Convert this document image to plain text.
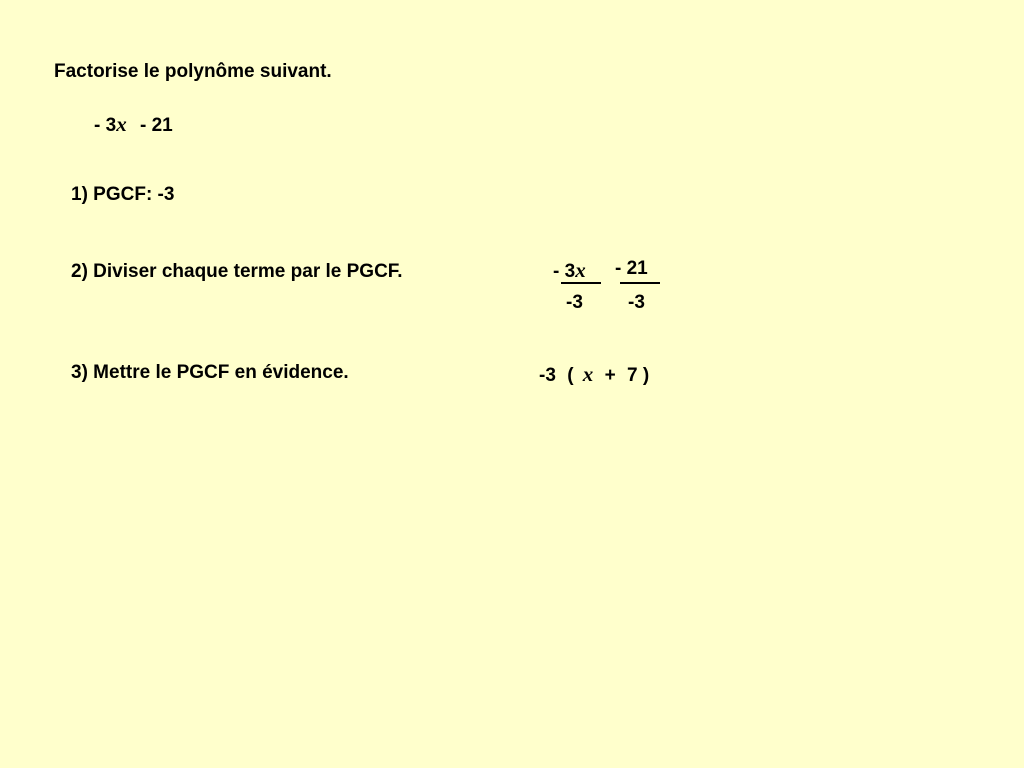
Factorise le polynôme suivant.
- 3x - 21
1) PGCF: -3
2) Diviser chaque terme par le PGCF.	- 3x
-3
- 21
-3
3) Mettre le PGCF en évidence.	-3 ( x + 7 )
